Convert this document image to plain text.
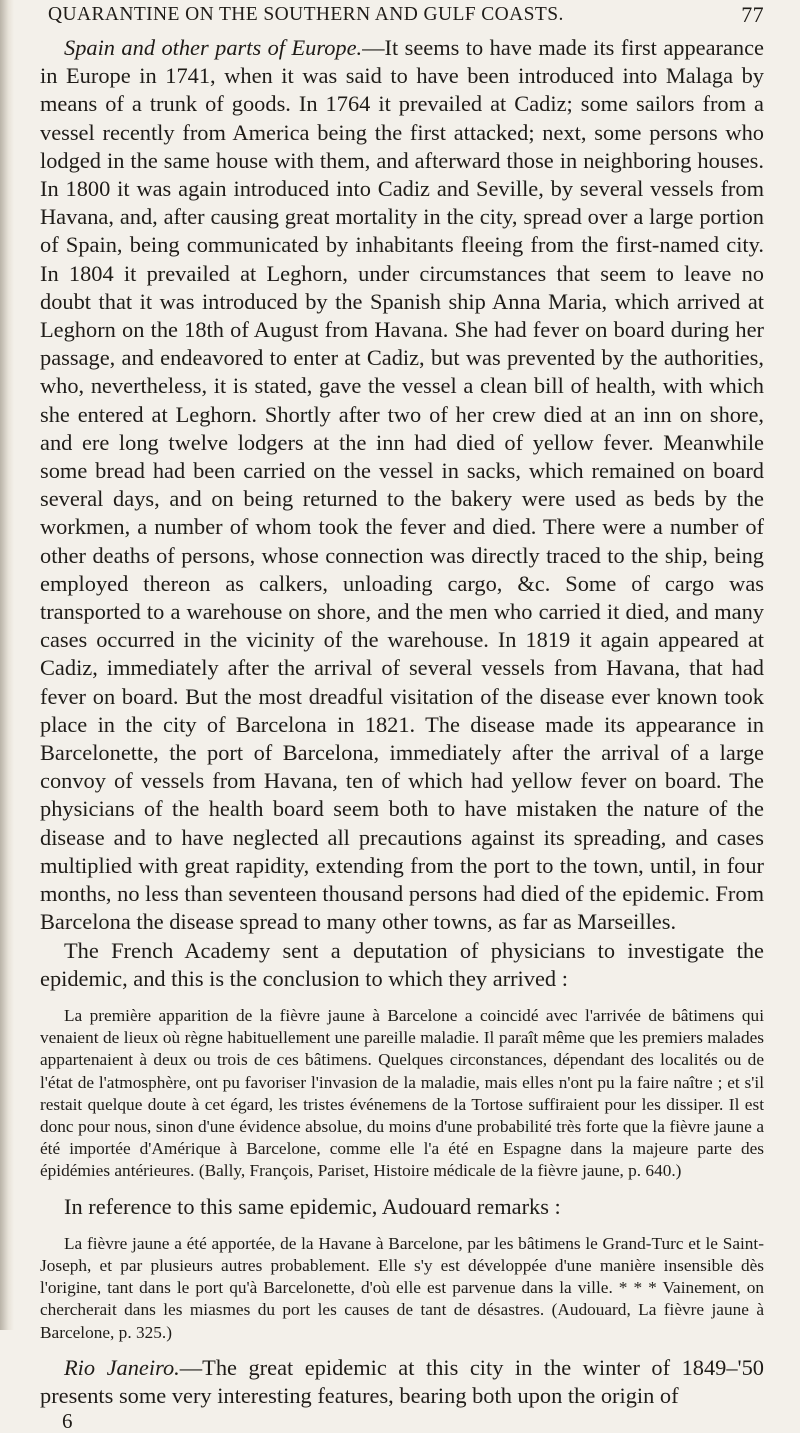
QUARANTINE ON THE SOUTHERN AND GULF COASTS.	77

Spain and other parts of Europe.—It seems to have made its first appearance in Europe in 1741, when it was said to have been introduced into Malaga by means of a trunk of goods. In 1764 it prevailed at Cadiz; some sailors from a vessel recently from America being the first attacked; next, some persons who lodged in the same house with them, and afterward those in neighboring houses. In 1800 it was again introduced into Cadiz and Seville, by several vessels from Havana, and, after causing great mortality in the city, spread over a large portion of Spain, being communicated by inhabitants fleeing from the first-named city. In 1804 it prevailed at Leghorn, under circumstances that seem to leave no doubt that it was introduced by the Spanish ship Anna Maria, which arrived at Leghorn on the 18th of August from Havana. She had fever on board during her passage, and endeavored to enter at Cadiz, but was prevented by the authorities, who, nevertheless, it is stated, gave the vessel a clean bill of health, with which she entered at Leghorn. Shortly after two of her crew died at an inn on shore, and ere long twelve lodgers at the inn had died of yellow fever. Meanwhile some bread had been carried on the vessel in sacks, which remained on board several days, and on being returned to the bakery were used as beds by the workmen, a number of whom took the fever and died. There were a number of other deaths of persons, whose connection was directly traced to the ship, being employed thereon as calkers, unloading cargo, &c. Some of cargo was transported to a warehouse on shore, and the men who carried it died, and many cases occurred in the vicinity of the warehouse. In 1819 it again appeared at Cadiz, immediately after the arrival of several vessels from Havana, that had fever on board. But the most dreadful visitation of the disease ever known took place in the city of Barcelona in 1821. The disease made its appearance in Barcelonette, the port of Barcelona, immediately after the arrival of a large convoy of vessels from Havana, ten of which had yellow fever on board. The physicians of the health board seem both to have mistaken the nature of the disease and to have neglected all precautions against its spreading, and cases multiplied with great rapidity, extending from the port to the town, until, in four months, no less than seventeen thousand persons had died of the epidemic. From Barcelona the disease spread to many other towns, as far as Marseilles.

The French Academy sent a deputation of physicians to investigate the epidemic, and this is the conclusion to which they arrived :

La première apparition de la fièvre jaune à Barcelone a coincidé avec l'arrivée de bâtimens qui venaient de lieux où règne habituellement une pareille maladie. Il paraît même que les premiers malades appartenaient à deux ou trois de ces bâtimens. Quelques circonstances, dépendant des localités ou de l'état de l'atmosphère, ont pu favoriser l'invasion de la maladie, mais elles n'ont pu la faire naître ; et s'il restait quelque doute à cet égard, les tristes événemens de la Tortose suffiraient pour les dissiper. Il est donc pour nous, sinon d'une évidence absolue, du moins d'une probabilité très forte que la fièvre jaune a été importée d'Amérique à Barcelone, comme elle l'a été en Espagne dans la majeure parte des épidémies antérieures. (Bally, François, Pariset, Histoire médicale de la fièvre jaune, p. 640.)

In reference to this same epidemic, Audouard remarks :

La fièvre jaune a été apportée, de la Havane à Barcelone, par les bâtimens le Grand-Turc et le Saint-Joseph, et par plusieurs autres probablement. Elle s'y est développée d'une manière insensible dès l'origine, tant dans le port qu'à Barcelonette, d'où elle est parvenue dans la ville. * * * Vainement, on chercherait dans les miasmes du port les causes de tant de désastres. (Audouard, La fièvre jaune à Barcelone, p. 325.)

Rio Janeiro.—The great epidemic at this city in the winter of 1849–'50 presents some very interesting features, bearing both upon the origin of

6
